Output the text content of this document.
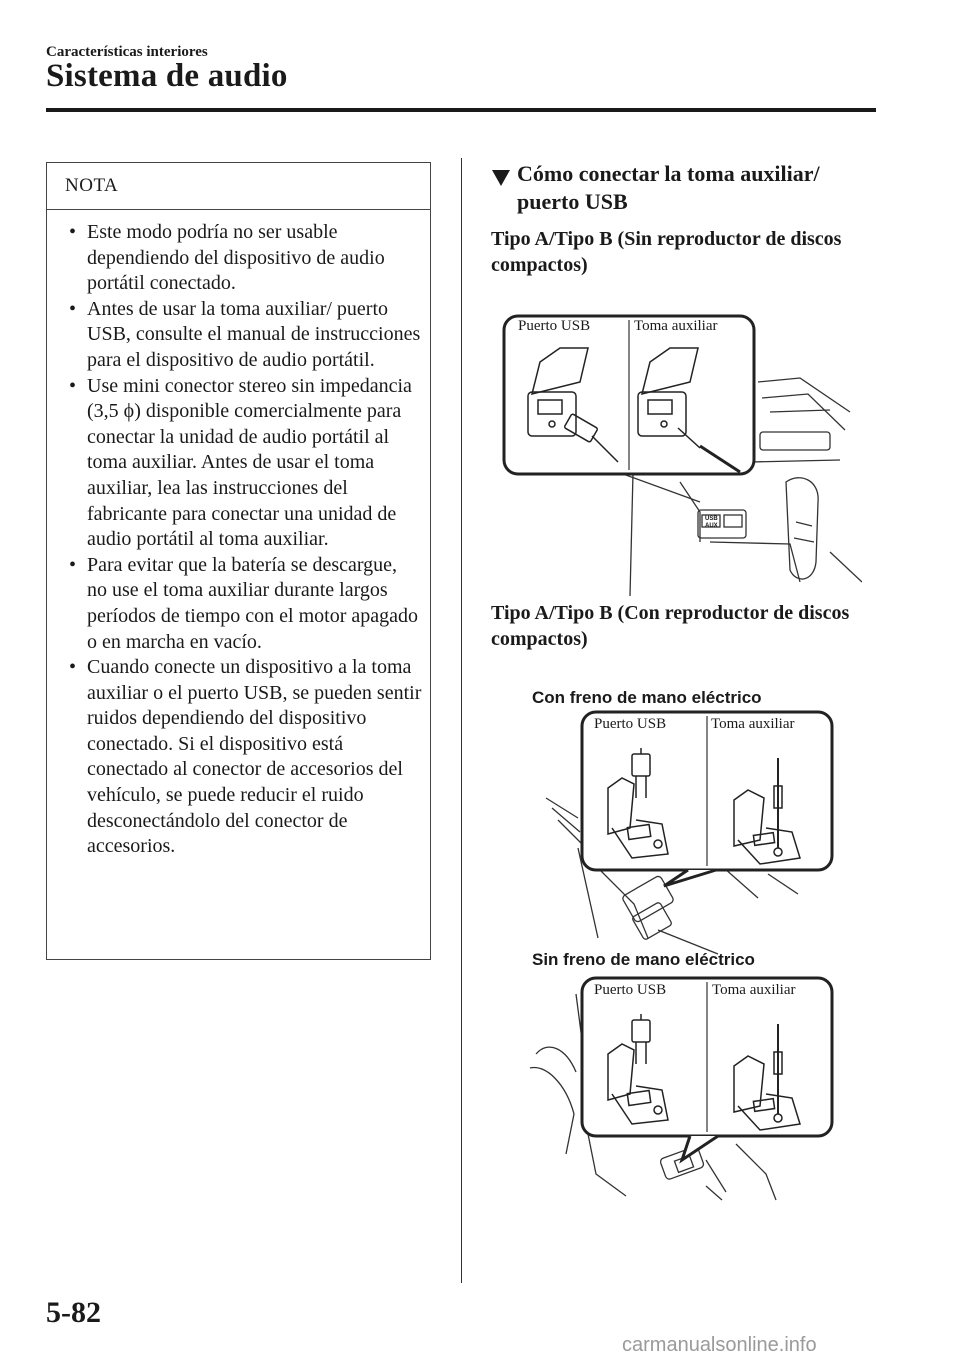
Características interiores
Sistema de audio
NOTA
• Este modo podría no ser usable dependiendo del dispositivo de audio portátil conectado.
• Antes de usar la toma auxiliar/ puerto USB, consulte el manual de instrucciones para el dispositivo de audio portátil.
• Use mini conector stereo sin impedancia (3,5 ϕ) disponible comercialmente para conectar la unidad de audio portátil al toma auxiliar. Antes de usar el toma auxiliar, lea las instrucciones del fabricante para conectar una unidad de audio portátil al toma auxiliar.
• Para evitar que la batería se descargue, no use el toma auxiliar durante largos períodos de tiempo con el motor apagado o en marcha en vacío.
• Cuando conecte un dispositivo a la toma auxiliar o el puerto USB, se pueden sentir ruidos dependiendo del dispositivo conectado. Si el dispositivo está conectado al conector de accesorios del vehículo, se puede reducir el ruido desconectándolo del conector de accesorios.
Cómo conectar la toma auxiliar/ puerto USB
Tipo A/Tipo B (Sin reproductor de discos compactos)
Tipo A/Tipo B (Con reproductor de discos compactos)
Puerto USB	Toma auxiliar
USB
AUX
Con freno de mano eléctrico
Puerto USB	Toma auxiliar
Sin freno de mano eléctrico
Puerto USB	Toma auxiliar
5-82
carmanualsonline.info
